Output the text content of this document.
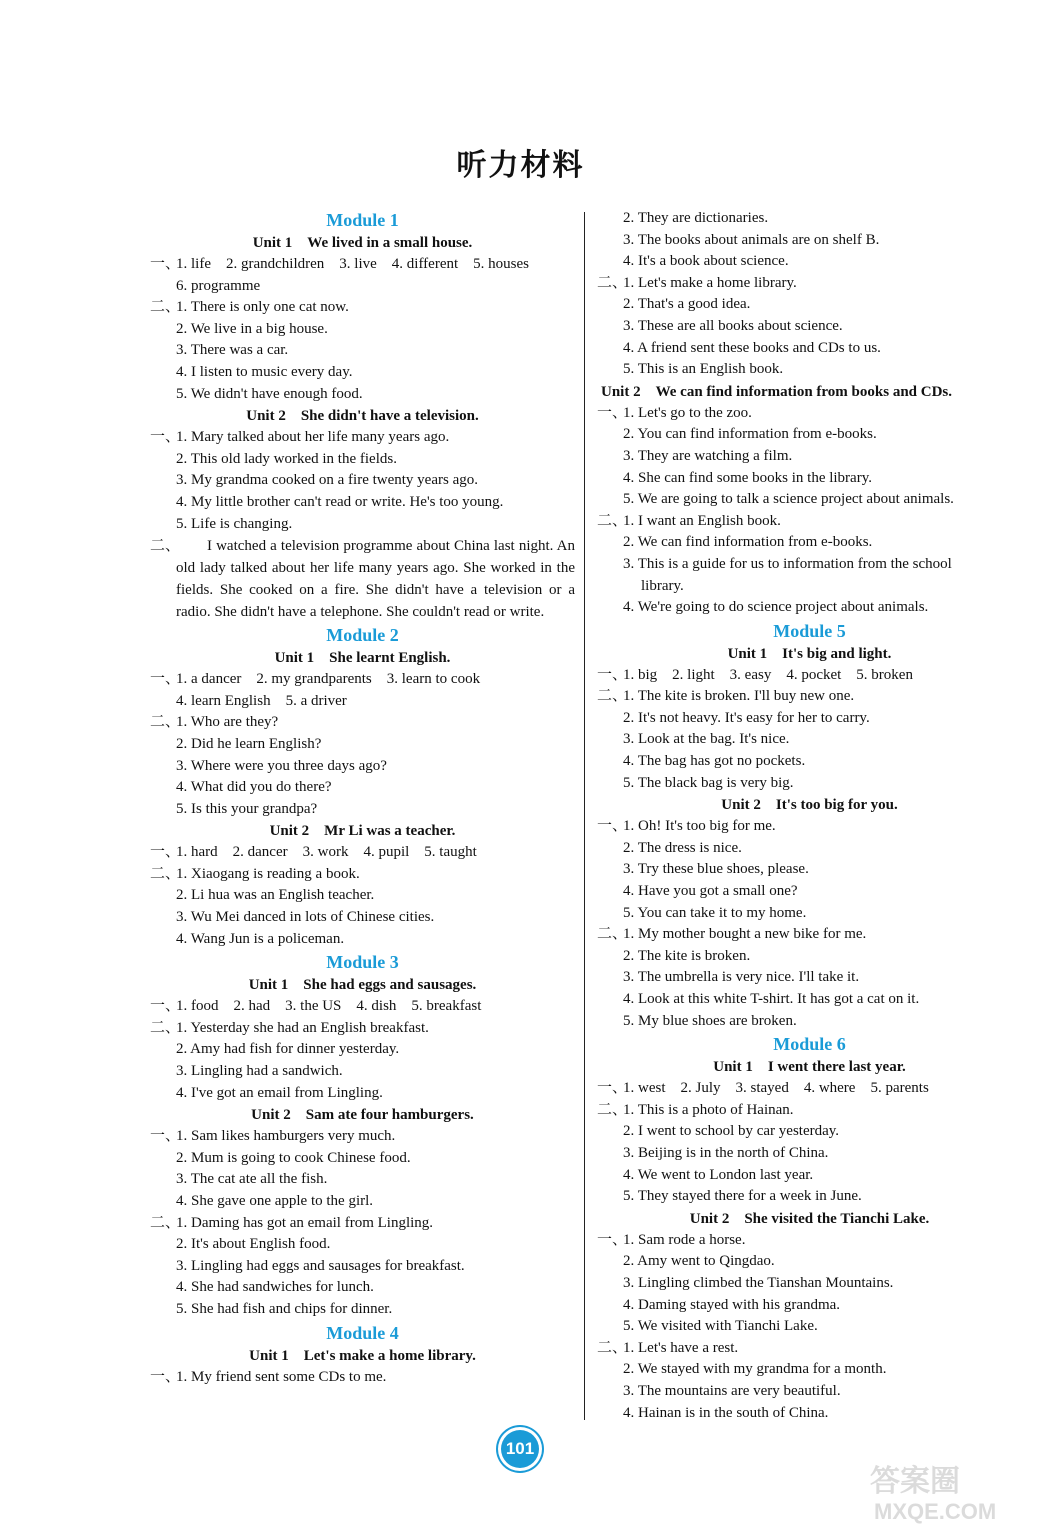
听力材料
Module 1
Unit 1　We lived in a small house.
一、1. life　2. grandchildren　3. live　4. different　5. houses
6. programme
二、1. There is only one cat now.
2. We live in a big house.
3. There was a car.
4. I listen to music every day.
5. We didn't have enough food.
Unit 2　She didn't have a television.
一、1. Mary talked about her life many years ago.
2. This old lady worked in the fields.
3. My grandma cooked on a fire twenty years ago.
4. My little brother can't read or write. He's too young.
5. Life is changing.
二、　　I watched a television programme about China last night. An old lady talked about her life many years ago. She worked in the fields. She cooked on a fire. She didn't have a television or a radio. She didn't have a telephone. She couldn't read or write.
Module 2
Unit 1　She learnt English.
一、1. a dancer　2. my grandparents　3. learn to cook
4. learn English　5. a driver
二、1. Who are they?
2. Did he learn English?
3. Where were you three days ago?
4. What did you do there?
5. Is this your grandpa?
Unit 2　Mr Li was a teacher.
一、1. hard　2. dancer　3. work　4. pupil　5. taught
二、1. Xiaogang is reading a book.
2. Li hua was an English teacher.
3. Wu Mei danced in lots of Chinese cities.
4. Wang Jun is a policeman.
Module 3
Unit 1　She had eggs and sausages.
一、1. food　2. had　3. the US　4. dish　5. breakfast
二、1. Yesterday she had an English breakfast.
2. Amy had fish for dinner yesterday.
3. Lingling had a sandwich.
4. I've got an email from Lingling.
Unit 2　Sam ate four hamburgers.
一、1. Sam likes hamburgers very much.
2. Mum is going to cook Chinese food.
3. The cat ate all the fish.
4. She gave one apple to the girl.
二、1. Daming has got an email from Lingling.
2. It's about English food.
3. Lingling had eggs and sausages for breakfast.
4. She had sandwiches for lunch.
5. She had fish and chips for dinner.
Module 4
Unit 1　Let's make a home library.
一、1. My friend sent some CDs to me.
2. They are dictionaries.
3. The books about animals are on shelf B.
4. It's a book about science.
二、1. Let's make a home library.
2. That's a good idea.
3. These are all books about science.
4. A friend sent these books and CDs to us.
5. This is an English book.
Unit 2　We can find information from books and CDs.
一、1. Let's go to the zoo.
2. You can find information from e-books.
3. They are watching a film.
4. She can find some books in the library.
5. We are going to talk a science project about animals.
二、1. I want an English book.
2. We can find information from e-books.
3. This is a guide for us to information from the school
library.
4. We're going to do science project about animals.
Module 5
Unit 1　It's big and light.
一、1. big　2. light　3. easy　4. pocket　5. broken
二、1. The kite is broken. I'll buy new one.
2. It's not heavy. It's easy for her to carry.
3. Look at the bag. It's nice.
4. The bag has got no pockets.
5. The black bag is very big.
Unit 2　It's too big for you.
一、1. Oh! It's too big for me.
2. The dress is nice.
3. Try these blue shoes, please.
4. Have you got a small one?
5. You can take it to my home.
二、1. My mother bought a new bike for me.
2. The kite is broken.
3. The umbrella is very nice. I'll take it.
4. Look at this white T-shirt. It has got a cat on it.
5. My blue shoes are broken.
Module 6
Unit 1　I went there last year.
一、1. west　2. July　3. stayed　4. where　5. parents
二、1. This is a photo of Hainan.
2. I went to school by car yesterday.
3. Beijing is in the north of China.
4. We went to London last year.
5. They stayed there for a week in June.
Unit 2　She visited the Tianchi Lake.
一、1. Sam rode a horse.
2. Amy went to Qingdao.
3. Lingling climbed the Tianshan Mountains.
4. Daming stayed with his grandma.
5. We visited with Tianchi Lake.
二、1. Let's have a rest.
2. We stayed with my grandma for a month.
3. The mountains are very beautiful.
4. Hainan is in the south of China.
101
答案圈
MXQE.COM
